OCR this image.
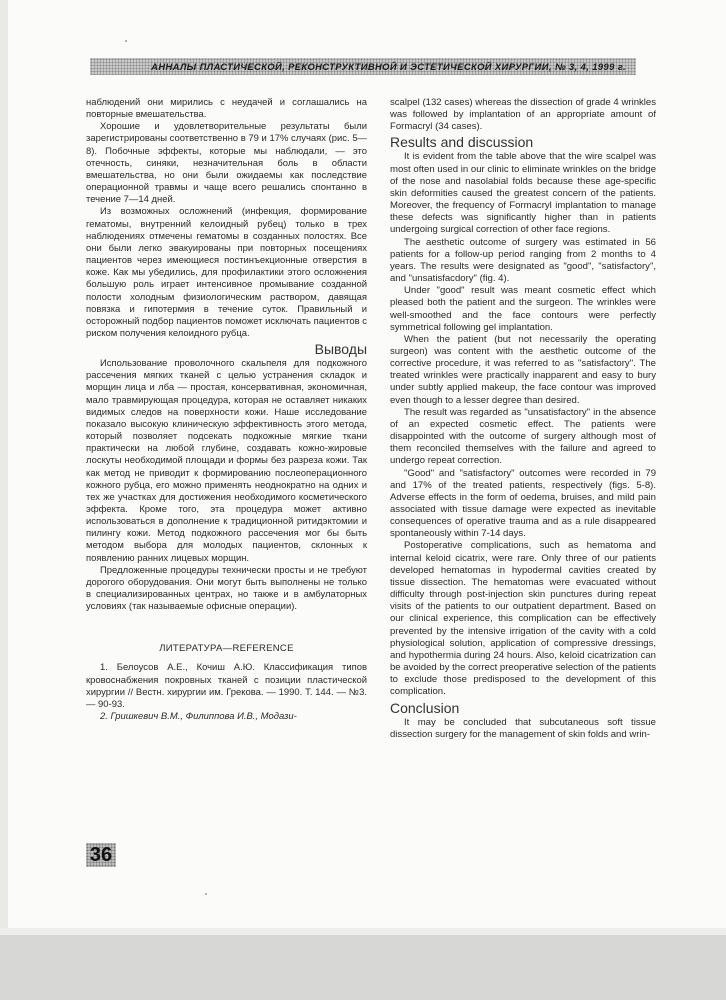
АННАЛЫ ПЛАСТИЧЕСКОЙ, РЕКОНСТРУКТИВНОЙ И ЭСТЕТИЧЕСКОЙ ХИРУРГИИ, № 3, 4, 1999 г.

наблюдений они мирились с неудачей и соглашались на повторные вмешательства.

Хорошие и удовлетворительные результаты были зарегистрированы соответственно в 79 и 17% случаях (рис. 5—8). Побочные эффекты, которые мы наблюдали, — это отечность, синяки, незначительная боль в области вмешательства, но они были ожидаемы как последствие операционной травмы и чаще всего решались спонтанно в течение 7—14 дней.

Из возможных осложнений (инфекция, формирование гематомы, внутренний келоидный рубец) только в трех наблюдениях отмечены гематомы в созданных полостях. Все они были легко эвакуированы при повторных посещениях пациентов через имеющиеся постинъекционные отверстия в коже. Как мы убедились, для профилактики этого осложнения большую роль играет интенсивное промывание созданной полости холодным физиологическим раствором, давящая повязка и гипотермия в течение суток. Правильный и осторожный подбор пациентов поможет исключать пациентов с риском получения келоидного рубца.

Выводы

Использование проволочного скальпеля для подкожного рассечения мягких тканей с целью устранения складок и морщин лица и лба — простая, консервативная, экономичная, мало травмирующая процедура, которая не оставляет никаких видимых следов на поверхности кожи. Наше исследование показало высокую клиническую эффективность этого метода, который позволяет подсекать подкожные мягкие ткани практически на любой глубине, создавать кожно-жировые лоскуты необходимой площади и формы без разреза кожи. Так как метод не приводит к формированию послеоперационного кожного рубца, его можно применять неоднократно на одних и тех же участках для достижения необходимого косметического эффекта. Кроме того, эта процедура может активно использоваться в дополнение к традиционной ритидэктомии и пилингу кожи. Метод подкожного рассечения мог бы быть методом выбора для молодых пациентов, склонных к появлению ранних лицевых морщин.

Предложенные процедуры технически просты и не требуют дорогого оборудования. Они могут быть выполнены не только в специализированных центрах, но также и в амбулаторных условиях (так называемые офисные операции).

ЛИТЕРАТУРА—REFERENCE

1. Белоусов А.Е., Кочиш А.Ю. Классификация типов кровоснабжения покровных тканей с позиции пластической хирургии // Вестн. хирургии им. Грекова. — 1990. Т. 144. — №3. — 90-93.

2. Гришкевич В.М., Филиппова И.В., Модази-

scalpel (132 cases) whereas the dissection of grade 4 wrinkles was followed by implantation of an appropriate amount of Formacryl (34 cases).

Results and discussion

It is evident from the table above that the wire scalpel was most often used in our clinic to eliminate wrinkles on the bridge of the nose and nasolabial folds because these age-specific skin deformities caused the greatest concern of the patients. Moreover, the frequency of Formacryl implantation to manage these defects was significantly higher than in patients undergoing surgical correction of other face regions.

The aesthetic outcome of surgery was estimated in 56 patients for a follow-up period ranging from 2 months to 4 years. The results were designated as "good", "satisfactory", and "unsatisfacdory" (fig. 4).

Under "good" result was meant cosmetic effect which pleased both the patient and the surgeon. The wrinkles were well-smoothed and the face contours were perfectly symmetrical following gel implantation.

When the patient (but not necessarily the operating surgeon) was content with the aesthetic outcome of the corrective procedure, it was referred to as "satisfactory". The treated wrinkles were practically inapparent and easy to bury under subtly applied makeup, the face contour was improved even though to a lesser degree than desired.

The result was regarded as "unsatisfactory" in the absence of an expected cosmetic effect. The patients were disappointed with the outcome of surgery although most of them reconciled themselves with the failure and agreed to undergo repeat correction.

"Good" and "satisfactory" outcomes were recorded in 79 and 17% of the treated patients, respectively (figs. 5-8). Adverse effects in the form of oedema, bruises, and mild pain associated with tissue damage were expected as inevitable consequences of operative trauma and as a rule disappeared spontaneously within 7-14 days.

Postoperative complications, such as hematoma and internal keloid cicatrix, were rare. Only three of our patients developed hematomas in hypodermal cavities created by tissue dissection. The hematomas were evacuated without difficulty through post-injection skin punctures during repeat visits of the patients to our outpatient department. Based on our clinical experience, this complication can be effectively prevented by the intensive irrigation of the cavity with a cold physiological solution, application of compressive dressings, and hypothermia during 24 hours. Also, keloid cicatrization can be avoided by the correct preoperative selection of the patients to exclude those predisposed to the development of this complication.

Conclusion

It may be concluded that subcutaneous soft tissue dissection surgery for the management of skin folds and wrin-

36
